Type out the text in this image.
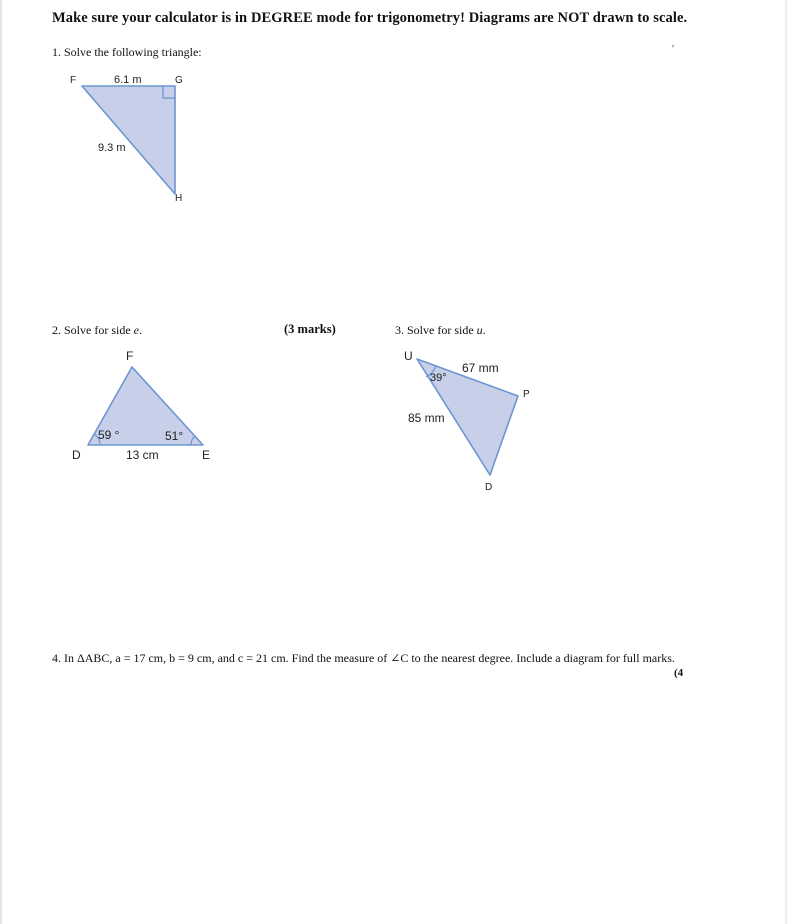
Make sure your calculator is in DEGREE mode for trigonometry! Diagrams are NOT drawn to scale.
′
1. Solve the following triangle:
F	G
H
6.1 m
9.3 m
2. Solve for side e.	(3 marks)
F
D	E
59 °	51°
13 cm
3. Solve for side u.

U
P
D
39°
67 mm
85 mm
4. In ΔABC, a = 17 cm, b = 9 cm, and c = 21 cm. Find the measure of ∠C to the nearest degree. Include a diagram for full marks.
(4
